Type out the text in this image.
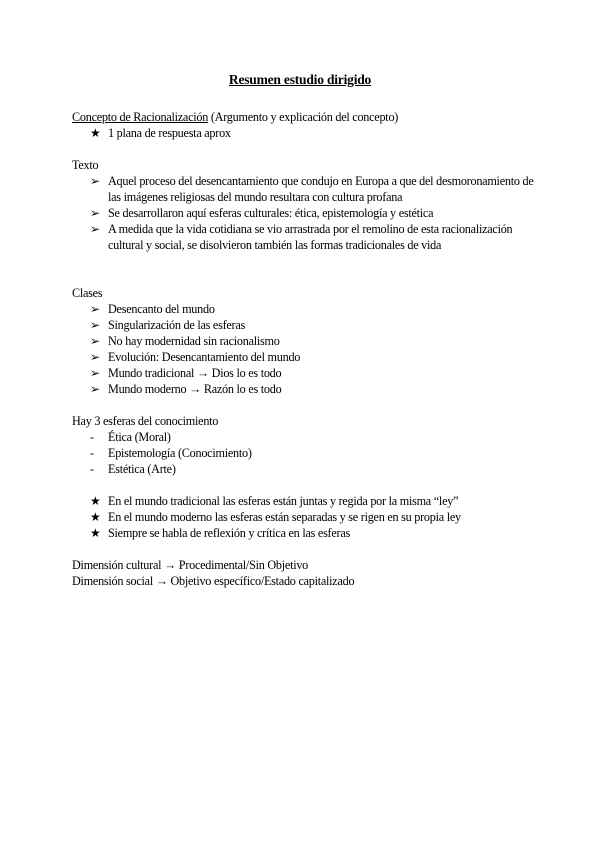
Resumen estudio dirigido
Concepto de Racionalización (Argumento y explicación del concepto)
★ 1 plana de respuesta aprox
Texto
➢ Aquel proceso del desencantamiento que condujo en Europa a que del desmoronamiento de las imágenes religiosas del mundo resultara con cultura profana
➢ Se desarrollaron aquí esferas culturales: ética, epistemología y estética
➢ A medida que la vida cotidiana se vio arrastrada por el remolino de esta racionalización cultural y social, se disolvieron también las formas tradicionales de vida
Clases
➢ Desencanto del mundo
➢ Singularización de las esferas
➢ No hay modernidad sin racionalismo
➢ Evolución: Desencantamiento del mundo
➢ Mundo tradicional → Dios lo es todo
➢ Mundo moderno → Razón lo es todo
Hay 3 esferas del conocimiento
- Ética (Moral)
- Epistemología (Conocimiento)
- Estética (Arte)
★ En el mundo tradicional las esferas están juntas y regida por la misma “ley”
★ En el mundo moderno las esferas están separadas y se rigen en su propia ley
★ Siempre se habla de reflexión y crítica en las esferas
Dimensión cultural → Procedimental/Sin Objetivo
Dimensión social → Objetivo específico/Estado capitalizado
